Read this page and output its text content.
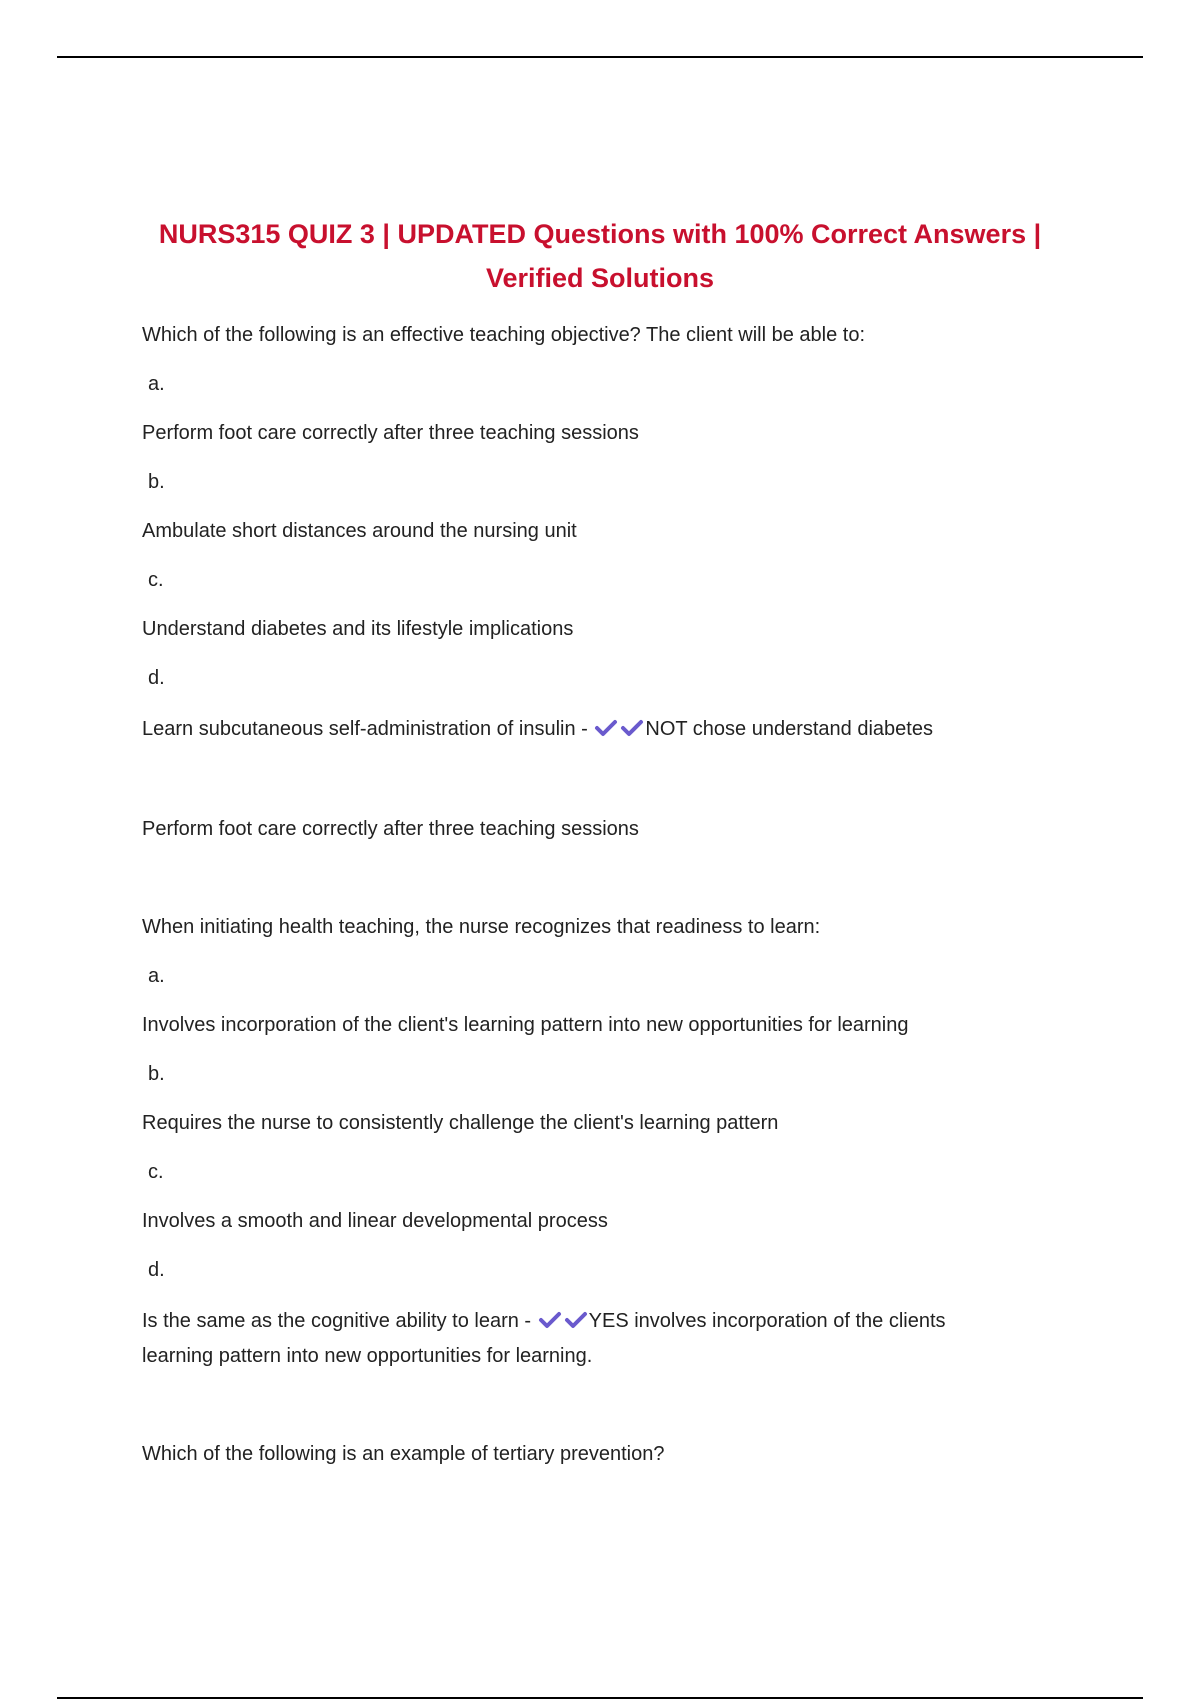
NURS315 QUIZ 3 | UPDATED Questions with 100% Correct Answers |
Verified Solutions
Which of the following is an effective teaching objective? The client will be able to:
a.
Perform foot care correctly after three teaching sessions
b.
Ambulate short distances around the nursing unit
c.
Understand diabetes and its lifestyle implications
d.
Learn subcutaneous self-administration of insulin -	NOT chose understand diabetes
Perform foot care correctly after three teaching sessions
When initiating health teaching, the nurse recognizes that readiness to learn:
a.
Involves incorporation of the client's learning pattern into new opportunities for learning
b.
Requires the nurse to consistently challenge the client's learning pattern
c.
Involves a smooth and linear developmental process
d.
Is the same as the cognitive ability to learn -	YES involves incorporation of the clients
learning pattern into new opportunities for learning.
Which of the following is an example of tertiary prevention?
